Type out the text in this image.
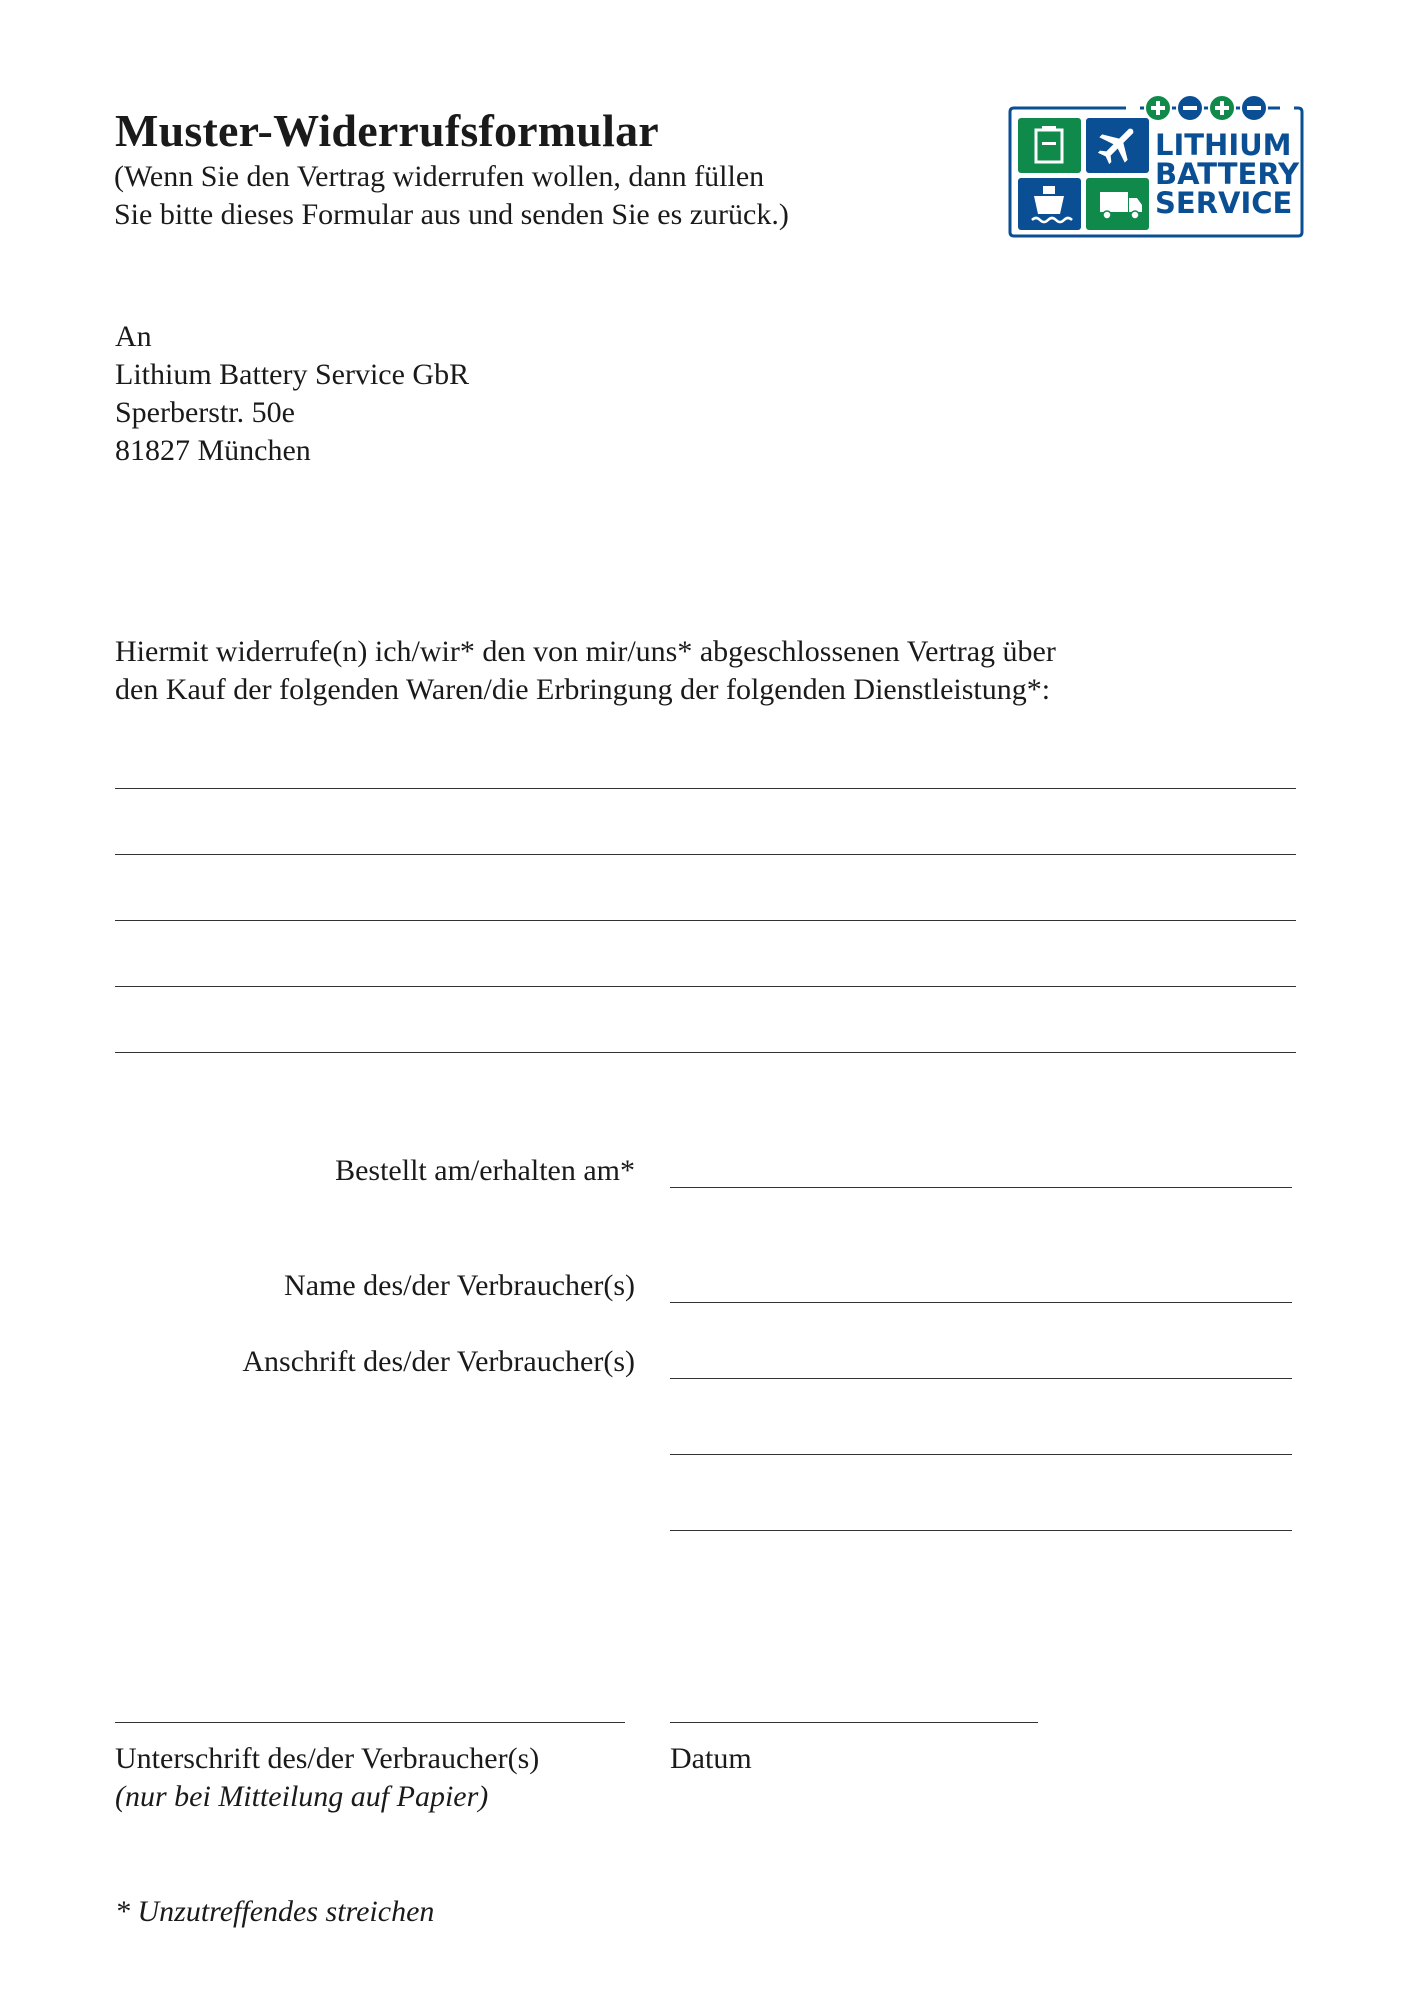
Muster-Widerrufsformular
(Wenn Sie den Vertrag widerrufen wollen, dann füllen
Sie bitte dieses Formular aus und senden Sie es zurück.)
LITHIUM
BATTERY
SERVICE
An
Lithium Battery Service GbR
Sperberstr. 50e
81827 München
Hiermit widerrufe(n) ich/wir* den von mir/uns* abgeschlossenen Vertrag über
den Kauf der folgenden Waren/die Erbringung der folgenden Dienstleistung*:
Bestellt am/erhalten am*
Name des/der Verbraucher(s)
Anschrift des/der Verbraucher(s)
Unterschrift des/der Verbraucher(s)
(nur bei Mitteilung auf Papier)
Datum
* Unzutreffendes streichen
